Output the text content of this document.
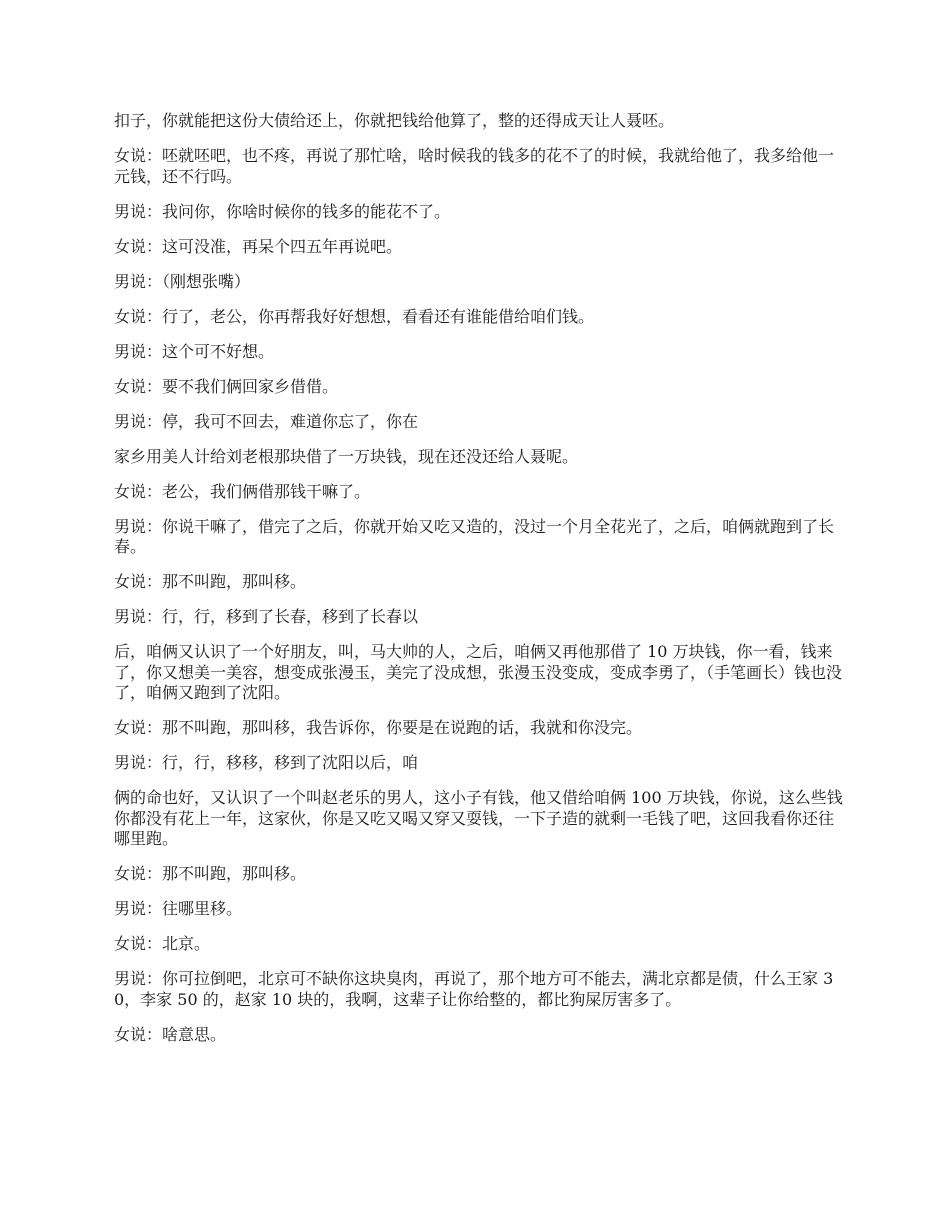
扣子，你就能把这份大债给还上，你就把钱给他算了，整的还得成天让人聂呸。

女说：呸就呸吧，也不疼，再说了那忙啥，啥时候我的钱多的花不了的时候，我就给他了，我多给他一元钱，还不行吗。

男说：我问你，你啥时候你的钱多的能花不了。

女说：这可没准，再呆个四五年再说吧。

男说：（刚想张嘴）

女说：行了，老公，你再帮我好好想想，看看还有谁能借给咱们钱。

男说：这个可不好想。

女说：要不我们俩回家乡借借。

男说：停，我可不回去，难道你忘了，你在

家乡用美人计给刘老根那块借了一万块钱，现在还没还给人聂呢。

女说：老公，我们俩借那钱干嘛了。

男说：你说干嘛了，借完了之后，你就开始又吃又造的，没过一个月全花光了，之后，咱俩就跑到了长春。

女说：那不叫跑，那叫移。

男说：行，行，移到了长春，移到了长春以

后，咱俩又认识了一个好朋友，叫，马大帅的人，之后，咱俩又再他那借了 10 万块钱，你一看，钱来了，你又想美一美容，想变成张漫玉，美完了没成想，张漫玉没变成，变成李勇了，（手笔画长）钱也没了，咱俩又跑到了沈阳。

女说：那不叫跑，那叫移，我告诉你，你要是在说跑的话，我就和你没完。

男说：行，行，移移，移到了沈阳以后，咱

俩的命也好，又认识了一个叫赵老乐的男人，这小子有钱，他又借给咱俩 100 万块钱，你说，这么些钱你都没有花上一年，这家伙，你是又吃又喝又穿又耍钱，一下子造的就剩一毛钱了吧，这回我看你还往哪里跑。

女说：那不叫跑，那叫移。

男说：往哪里移。

女说：北京。

男说：你可拉倒吧，北京可不缺你这块臭肉，再说了，那个地方可不能去，满北京都是债，什么王家 30，李家 50 的，赵家 10 块的，我啊，这辈子让你给整的，都比狗屎厉害多了。

女说：啥意思。
